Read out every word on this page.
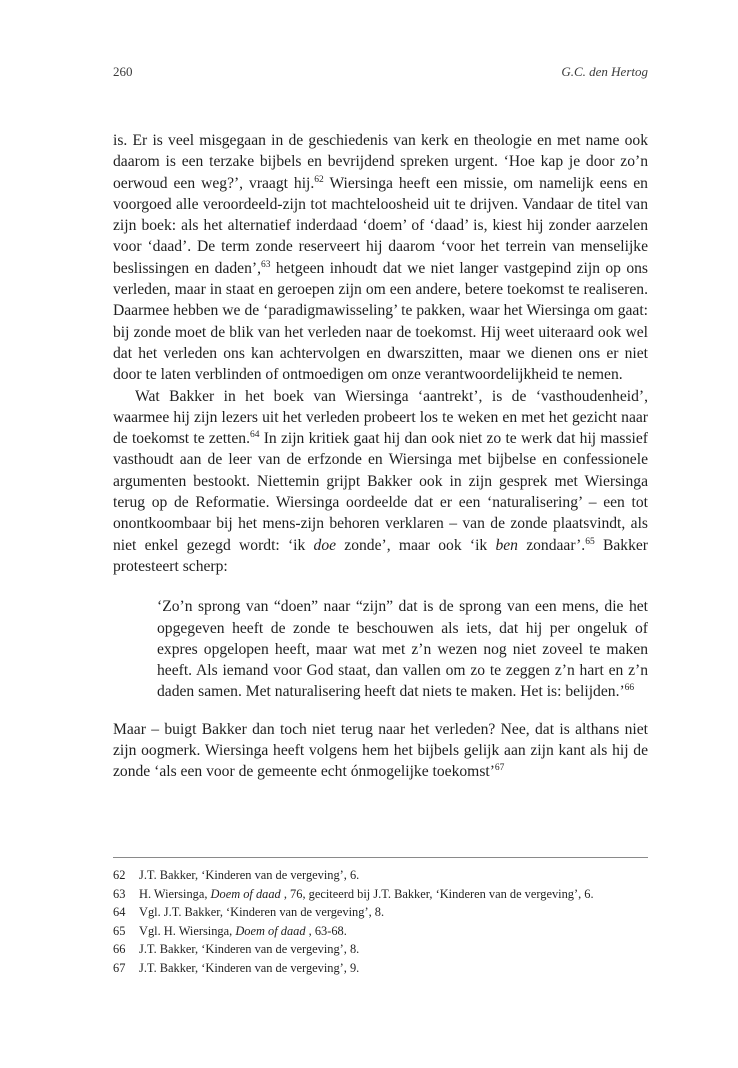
260	G.C. den Hertog

is. Er is veel misgegaan in de geschiedenis van kerk en theologie en met name ook daarom is een terzake bijbels en bevrijdend spreken urgent. ‘Hoe kap je door zo’n oerwoud een weg?’, vraagt hij.$^{62}$ Wiersinga heeft een missie, om namelijk eens en voorgoed alle veroordeeld-zijn tot machteloosheid uit te drijven. Vandaar de titel van zijn boek: als het alternatief inderdaad ‘doem’ of ‘daad’ is, kiest hij zonder aarzelen voor ‘daad’. De term zonde reserveert hij daarom ‘voor het terrein van menselijke beslissingen en daden’,$^{63}$ hetgeen inhoudt dat we niet langer vastgepind zijn op ons verleden, maar in staat en geroepen zijn om een andere, betere toekomst te realiseren. Daarmee hebben we de ‘paradigmawisseling’ te pakken, waar het Wiersinga om gaat: bij zonde moet de blik van het verleden naar de toekomst. Hij weet uiteraard ook wel dat het verleden ons kan achtervolgen en dwarszitten, maar we dienen ons er niet door te laten verblinden of ontmoedigen om onze verantwoordelijkheid te nemen.

Wat Bakker in het boek van Wiersinga ‘aantrekt’, is de ‘vasthoudenheid’, waarmee hij zijn lezers uit het verleden probeert los te weken en met het gezicht naar de toekomst te zetten.$^{64}$ In zijn kritiek gaat hij dan ook niet zo te werk dat hij massief vasthoudt aan de leer van de erfzonde en Wiersinga met bijbelse en confessionele argumenten bestookt. Niettemin grijpt Bakker ook in zijn gesprek met Wiersinga terug op de Reformatie. Wiersinga oordeelde dat er een ‘naturalisering’ – een tot onontkoombaar bij het mens-zijn behoren verklaren – van de zonde plaatsvindt, als niet enkel gezegd wordt: ‘ik doe zonde’, maar ook ‘ik ben zondaar’.$^{65}$ Bakker protesteert scherp:

‘Zo’n sprong van “doen” naar “zijn” dat is de sprong van een mens, die het opgegeven heeft de zonde te beschouwen als iets, dat hij per ongeluk of expres opgelopen heeft, maar wat met z’n wezen nog niet zoveel te maken heeft. Als iemand voor God staat, dan vallen om zo te zeggen z’n hart en z’n daden samen. Met naturalisering heeft dat niets te maken. Het is: belijden.’$^{66}$

Maar – buigt Bakker dan toch niet terug naar het verleden? Nee, dat is althans niet zijn oogmerk. Wiersinga heeft volgens hem het bijbels gelijk aan zijn kant als hij de zonde ‘als een voor de gemeente echt ónmogelijke toekomst’$^{67}$

62 J.T. Bakker, ‘Kinderen van de vergeving’, 6.
63 H. Wiersinga, Doem of daad , 76, geciteerd bij J.T. Bakker, ‘Kinderen van de vergeving’, 6.
64 Vgl. J.T. Bakker, ‘Kinderen van de vergeving’, 8.
65 Vgl. H. Wiersinga, Doem of daad , 63-68.
66 J.T. Bakker, ‘Kinderen van de vergeving’, 8.
67 J.T. Bakker, ‘Kinderen van de vergeving’, 9.
